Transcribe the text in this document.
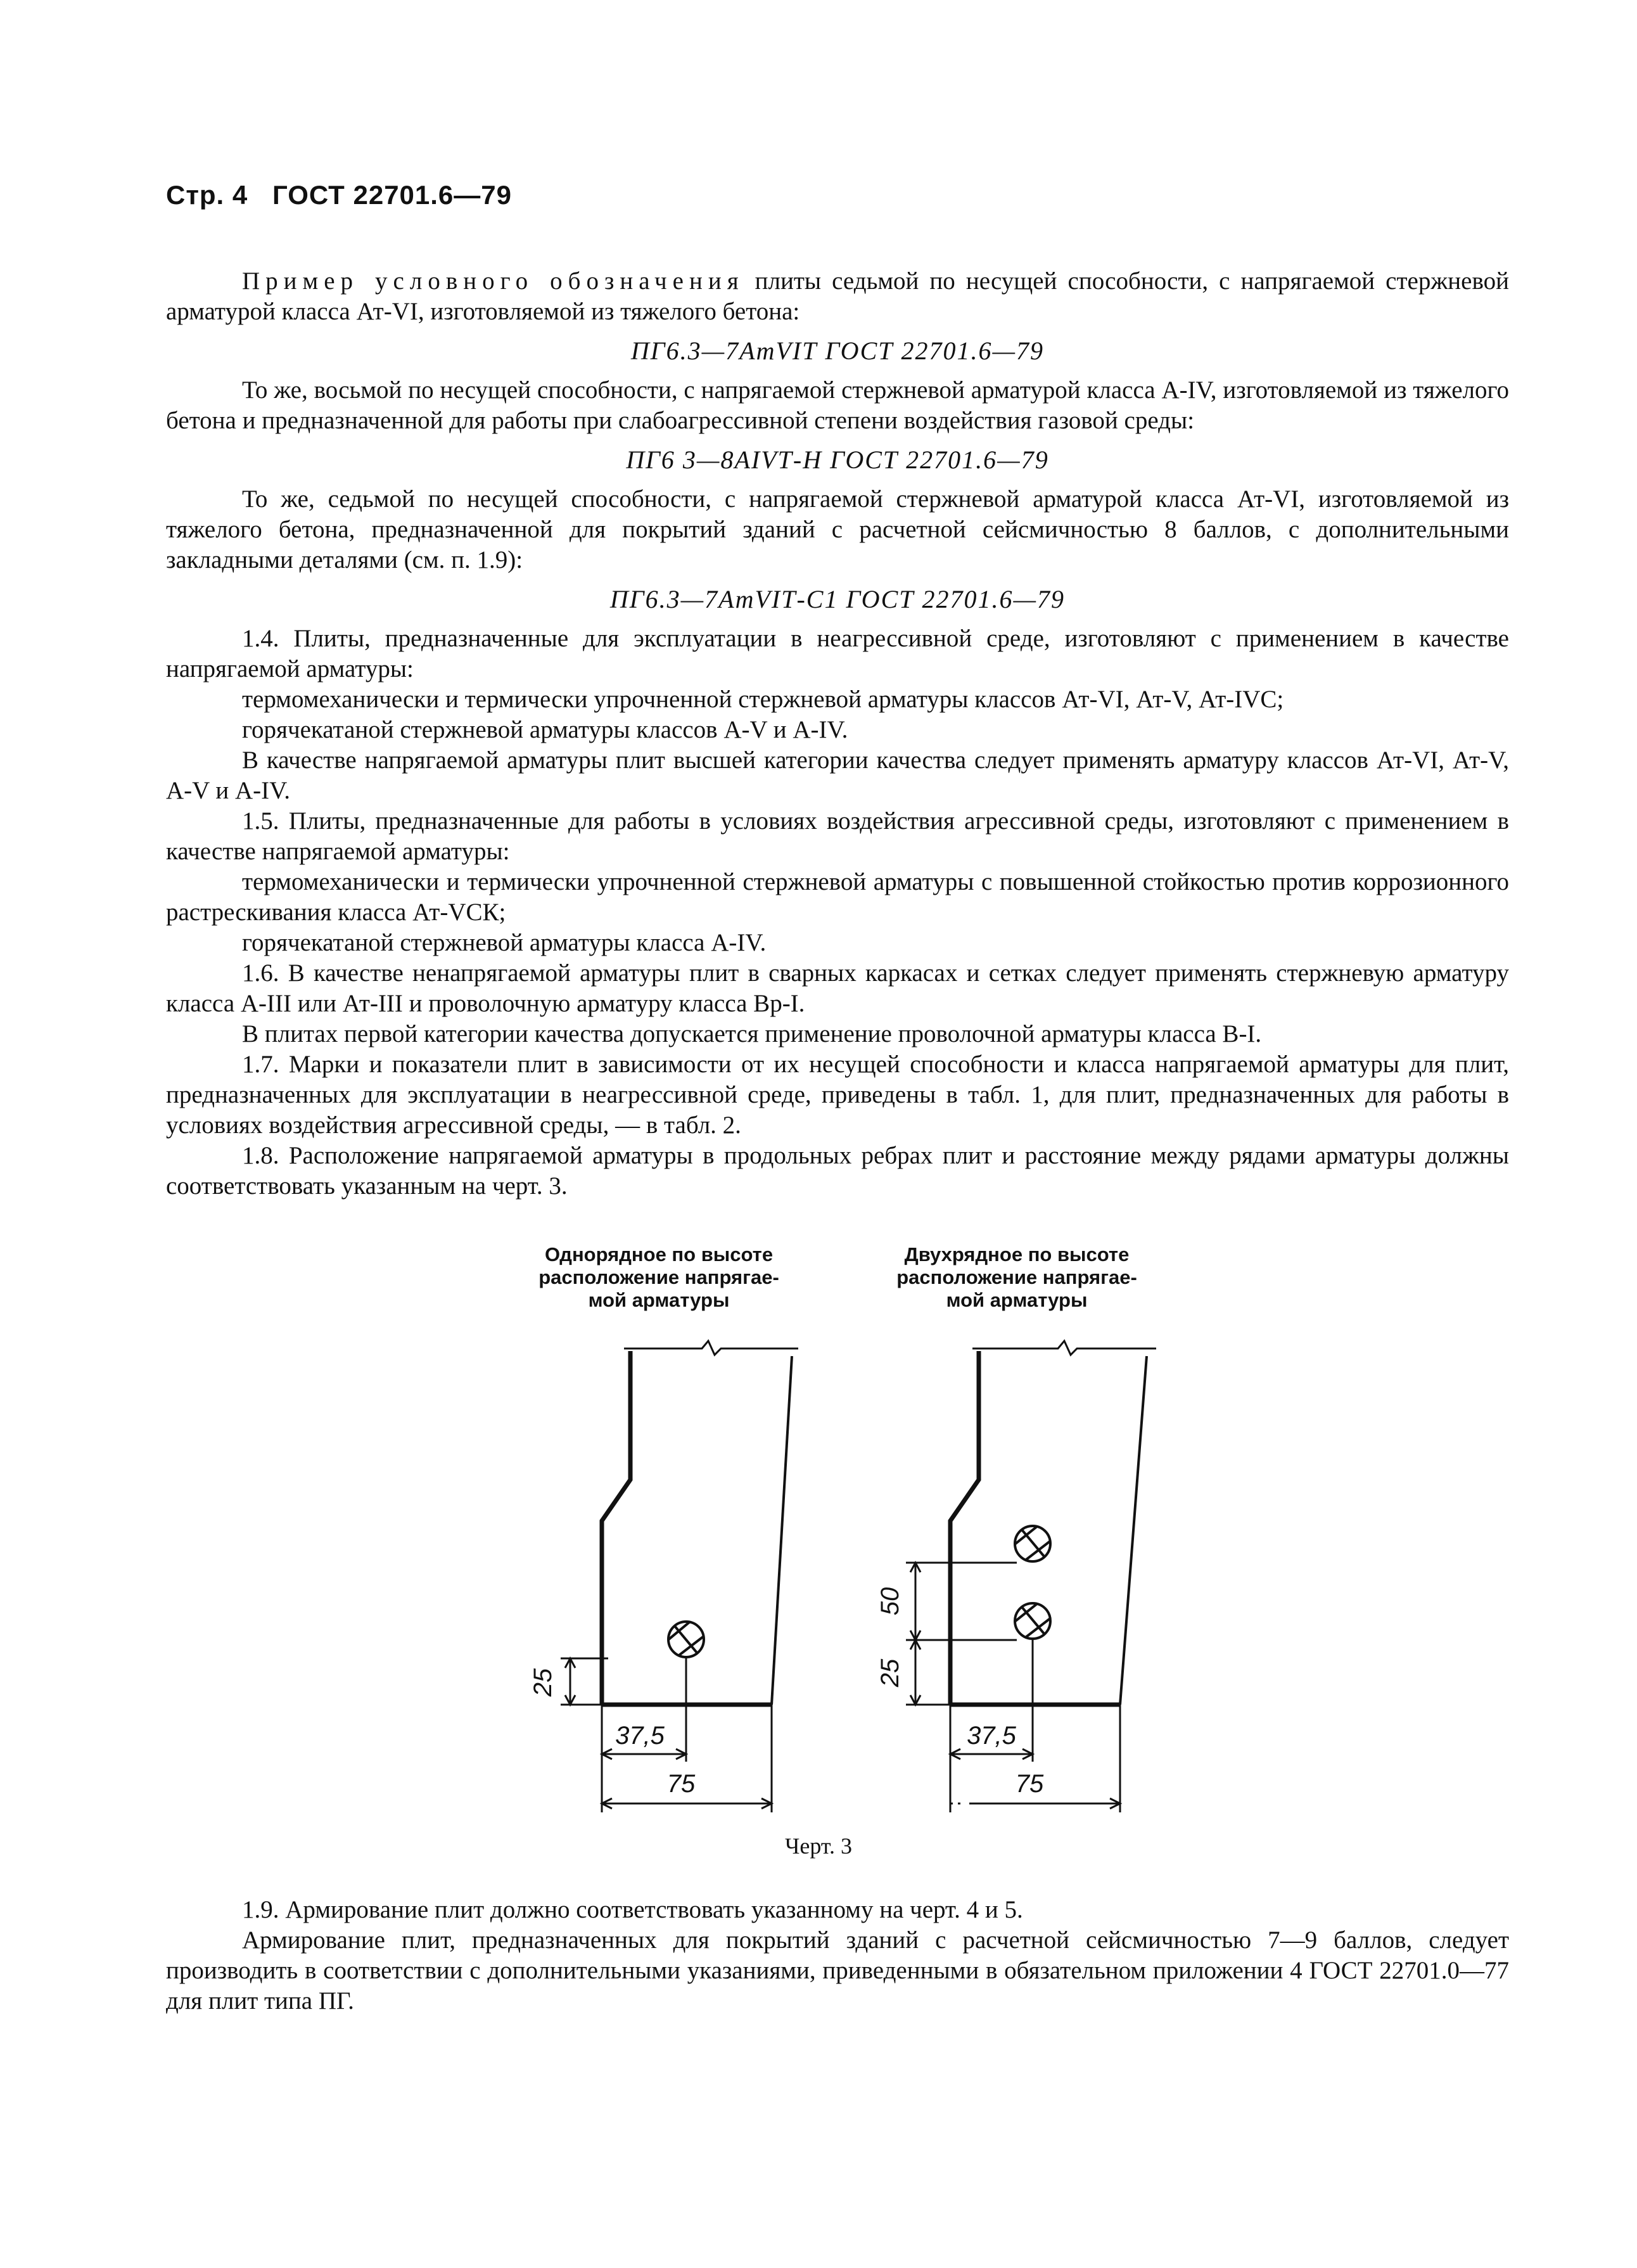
Стр. 4 ГОСТ 22701.6—79

Пример условного обозначения плиты седьмой по несущей способности, с напрягаемой стержневой арматурой класса Ат-VI, изготовляемой из тяжелого бетона:

ПГ6.3—7АтVIТ ГОСТ 22701.6—79

То же, восьмой по несущей способности, с напрягаемой стержневой арматурой класса А-IV, изготовляемой из тяжелого бетона и предназначенной для работы при слабоагрессивной степени воздействия газовой среды:

ПГ6 3—8АIVТ-Н ГОСТ 22701.6—79

То же, седьмой по несущей способности, с напрягаемой стержневой арматурой класса Ат-VI, изготовляемой из тяжелого бетона, предназначенной для покрытий зданий с расчетной сейсмичностью 8 баллов, с дополнительными закладными деталями (см. п. 1.9):

ПГ6.3—7АтVIТ-С1 ГОСТ 22701.6—79

1.4. Плиты, предназначенные для эксплуатации в неагрессивной среде, изготовляют с применением в качестве напрягаемой арматуры:

термомеханически и термически упрочненной стержневой арматуры классов Ат-VI, Ат-V, Ат-IVC;

горячекатаной стержневой арматуры классов А-V и А-IV.

В качестве напрягаемой арматуры плит высшей категории качества следует применять арматуру классов Ат-VI, Ат-V, А-V и А-IV.

1.5. Плиты, предназначенные для работы в условиях воздействия агрессивной среды, изготовляют с применением в качестве напрягаемой арматуры:

термомеханически и термически упрочненной стержневой арматуры с повышенной стойкостью против коррозионного растрескивания класса Ат-VСК;

горячекатаной стержневой арматуры класса А-IV.

1.6. В качестве ненапрягаемой арматуры плит в сварных каркасах и сетках следует применять стержневую арматуру класса А-III или Ат-III и проволочную арматуру класса Вр-I.

В плитах первой категории качества допускается применение проволочной арматуры класса В-I.

1.7. Марки и показатели плит в зависимости от их несущей способности и класса напрягаемой арматуры для плит, предназначенных для эксплуатации в неагрессивной среде, приведены в табл. 1, для плит, предназначенных для работы в условиях воздействия агрессивной среды, — в табл. 2.

1.8. Расположение напрягаемой арматуры в продольных ребрах плит и расстояние между рядами арматуры должны соответствовать указанным на черт. 3.

Однорядное по высоте
расположение напрягае-
мой арматуры
Двухрядное по высоте
расположение напрягае-
мой арматуры
25
37,5
75
50
25
37,5
75
Черт. 3

1.9. Армирование плит должно соответствовать указанному на черт. 4 и 5.

Армирование плит, предназначенных для покрытий зданий с расчетной сейсмичностью 7—9 баллов, следует производить в соответствии с дополнительными указаниями, приведенными в обязательном приложении 4 ГОСТ 22701.0—77 для плит типа ПГ.
